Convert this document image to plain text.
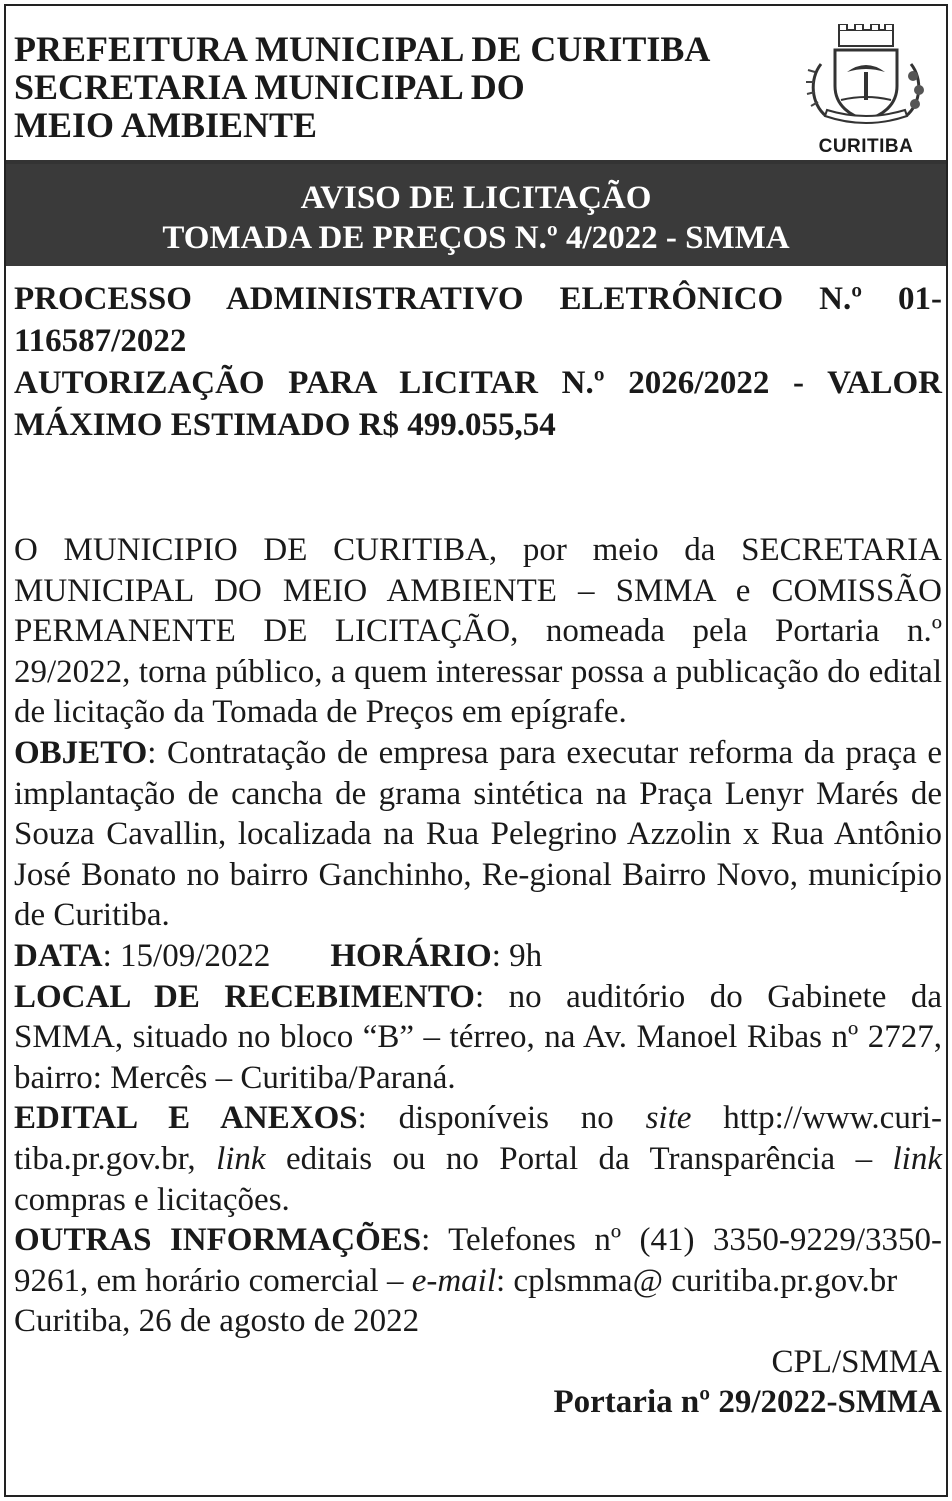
PREFEITURA MUNICIPAL DE CURITIBA
SECRETARIA MUNICIPAL DO
MEIO AMBIENTE
CURITIBA
AVISO DE LICITAÇÃO
TOMADA DE PREÇOS N.º 4/2022 - SMMA
PROCESSO ADMINISTRATIVO ELETRÔNICO N.º 01-116587/2022
AUTORIZAÇÃO PARA LICITAR N.º 2026/2022 - VALOR MÁXIMO ESTIMADO R$ 499.055,54

O MUNICIPIO DE CURITIBA, por meio da SECRETARIA MUNICIPAL DO MEIO AMBIENTE – SMMA e COMISSÃO PERMANENTE DE LICITAÇÃO, nomeada pela Portaria n.º 29/2022, torna público, a quem interessar possa a publicação do edital de licitação da Tomada de Preços em epígrafe.

OBJETO: Contratação de empresa para executar reforma da praça e implantação de cancha de grama sintética na Praça Lenyr Marés de Souza Cavallin, localizada na Rua Pelegrino Azzolin x Rua Antônio José Bonato no bairro Ganchinho, Re-gional Bairro Novo, município de Curitiba.

DATA: 15/09/2022 HORÁRIO: 9h

LOCAL DE RECEBIMENTO: no auditório do Gabinete da SMMA, situado no bloco “B” – térreo, na Av. Manoel Ribas nº 2727, bairro: Mercês – Curitiba/Paraná.

EDITAL E ANEXOS: disponíveis no site http://www.curi-tiba.pr.gov.br, link editais ou no Portal da Transparência – link compras e licitações.

OUTRAS INFORMAÇÕES: Telefones nº (41) 3350-9229/3350-9261, em horário comercial – e-mail: cplsmma@ curitiba.pr.gov.br

Curitiba, 26 de agosto de 2022

CPL/SMMA

Portaria nº 29/2022-SMMA
